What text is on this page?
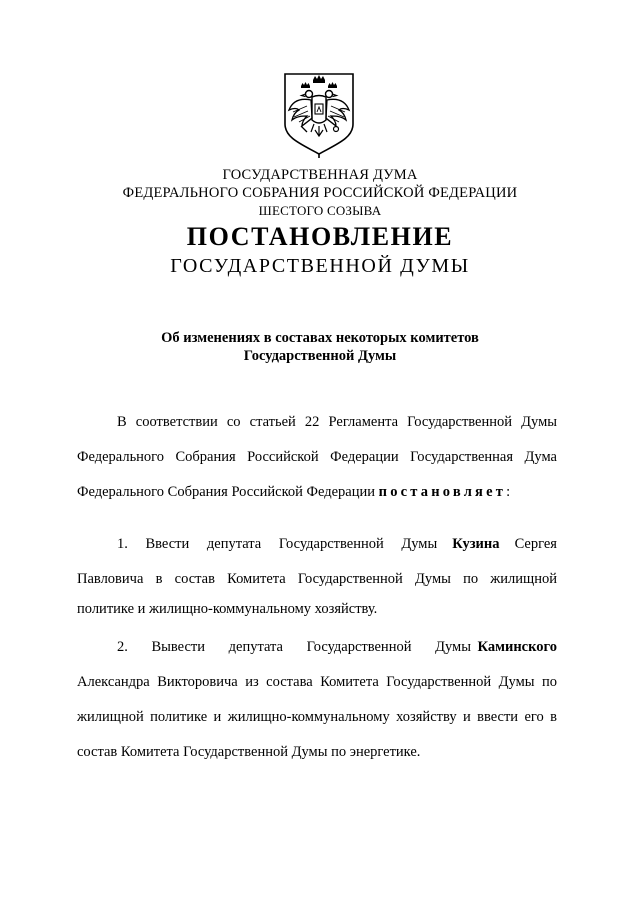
ГОСУДАРСТВЕННАЯ ДУМА
ФЕДЕРАЛЬНОГО СОБРАНИЯ РОССИЙСКОЙ ФЕДЕРАЦИИ
ШЕСТОГО СОЗЫВА
ПОСТАНОВЛЕНИЕ
ГОСУДАРСТВЕННОЙ ДУМЫ
Об изменениях в составах некоторых комитетов
Государственной Думы
В соответствии со статьей 22 Регламента Государственной Думы
Федерального Собрания Российской Федерации Государственная Дума
Федерального Собрания Российской Федерации постановляет:
1. Ввести депутата Государственной Думы Кузина Сергея
Павловича в состав Комитета Государственной Думы по жилищной
политике и жилищно-коммунальному хозяйству.
2. Вывести депутата Государственной Думы Каминского
Александра Викторовича из состава Комитета Государственной Думы по
жилищной политике и жилищно-коммунальному хозяйству и ввести его в
состав Комитета Государственной Думы по энергетике.
